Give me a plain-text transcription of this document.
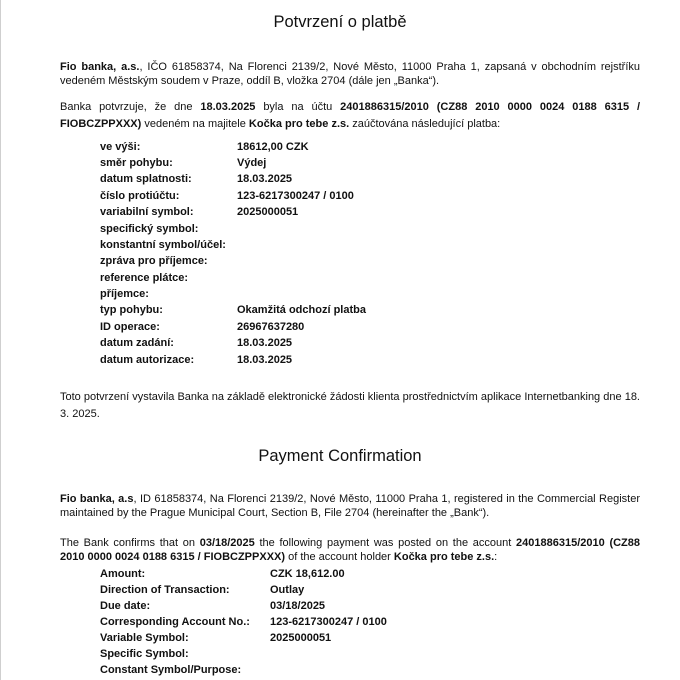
Potvrzení o platbě
Fio banka, a.s., IČO 61858374, Na Florenci 2139/2, Nové Město, 11000 Praha 1, zapsaná v obchodním rejstříku vedeném Městským soudem v Praze, oddíl B, vložka 2704 (dále jen „Banka“).
Banka potvrzuje, že dne 18.03.2025 byla na účtu 2401886315/2010 (CZ88 2010 0000 0024 0188 6315 / FIOBCZPPXXX) vedeném na majitele Kočka pro tebe z.s. zaúčtována následující platba:
ve výši:	18612,00 CZK
směr pohybu:	Výdej
datum splatnosti:	18.03.2025
číslo protiúčtu:	123-6217300247 / 0100
variabilní symbol:	2025000051
specifický symbol:
konstantní symbol/účel:
zpráva pro příjemce:
reference plátce:
příjemce:
typ pohybu:	Okamžitá odchozí platba
ID operace:	26967637280
datum zadání:	18.03.2025
datum autorizace:	18.03.2025
Toto potvrzení vystavila Banka na základě elektronické žádosti klienta prostřednictvím aplikace Internetbanking dne 18. 3. 2025.
Payment Confirmation
Fio banka, a.s, ID 61858374, Na Florenci 2139/2, Nové Město, 11000 Praha 1, registered in the Commercial Register maintained by the Prague Municipal Court, Section B, File 2704 (hereinafter the „Bank“).
The Bank confirms that on 03/18/2025 the following payment was posted on the account 2401886315/2010 (CZ88 2010 0000 0024 0188 6315 / FIOBCZPPXXX) of the account holder Kočka pro tebe z.s.:
Amount:	CZK 18,612.00
Direction of Transaction:	Outlay
Due date:	03/18/2025
Corresponding Account No.: 123-6217300247 / 0100
Variable Symbol:	2025000051
Specific Symbol:
Constant Symbol/Purpose:
